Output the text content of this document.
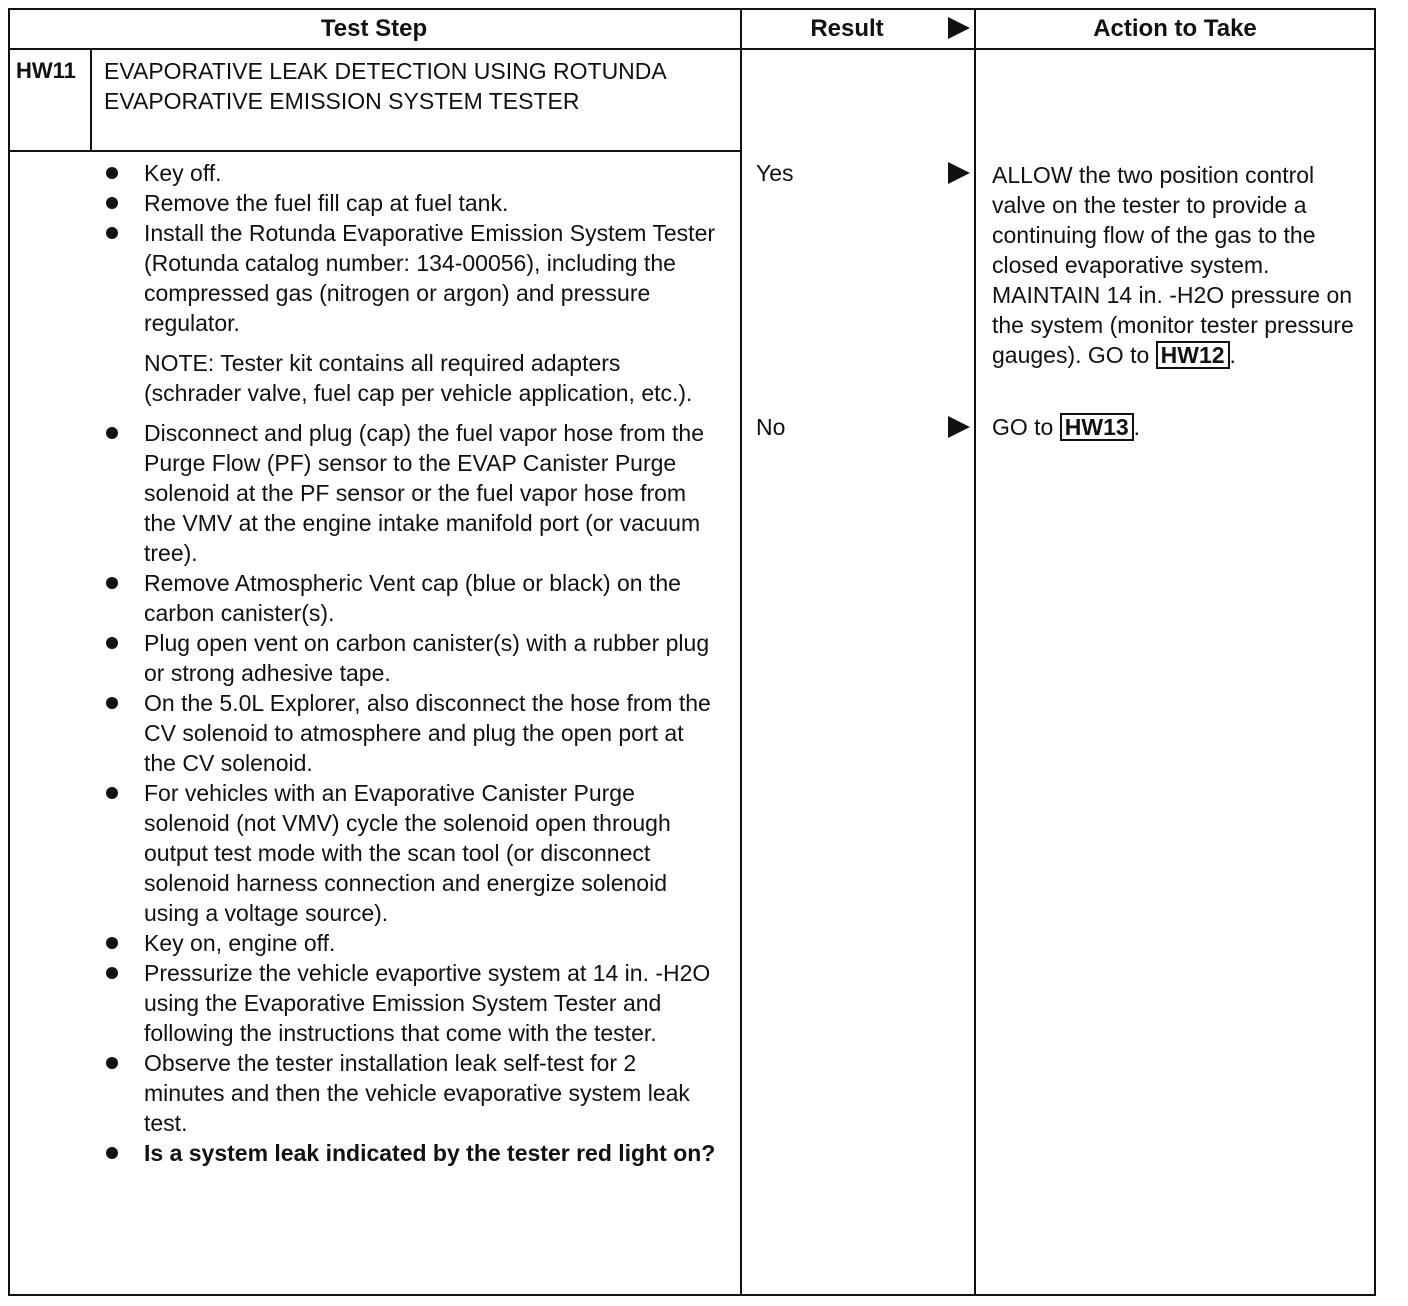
Test Step	Result	Action to Take
HW11 EVAPORATIVE LEAK DETECTION USING ROTUNDA EVAPORATIVE EMISSION SYSTEM TESTER
Key off.
Remove the fuel fill cap at fuel tank.
Install the Rotunda Evaporative Emission System Tester (Rotunda catalog number: 134-00056), including the compressed gas (nitrogen or argon) and pressure regulator.
NOTE: Tester kit contains all required adapters (schrader valve, fuel cap per vehicle application, etc.).
Disconnect and plug (cap) the fuel vapor hose from the Purge Flow (PF) sensor to the EVAP Canister Purge solenoid at the PF sensor or the fuel vapor hose from the VMV at the engine intake manifold port (or vacuum tree).
Remove Atmospheric Vent cap (blue or black) on the carbon canister(s).
Plug open vent on carbon canister(s) with a rubber plug or strong adhesive tape.
On the 5.0L Explorer, also disconnect the hose from the CV solenoid to atmosphere and plug the open port at the CV solenoid.
For vehicles with an Evaporative Canister Purge solenoid (not VMV) cycle the solenoid open through output test mode with the scan tool (or disconnect solenoid harness connection and energize solenoid using a voltage source).
Key on, engine off.
Pressurize the vehicle evaportive system at 14 in. -H2O using the Evaporative Emission System Tester and following the instructions that come with the tester.
Observe the tester installation leak self-test for 2 minutes and then the vehicle evaporative system leak test.
Is a system leak indicated by the tester red light on?
Yes
No
ALLOW the two position control valve on the tester to provide a continuing flow of the gas to the closed evaporative system. MAINTAIN 14 in. -H2O pressure on the system (monitor tester pressure gauges). GO to HW12 .
GO to HW13 .
